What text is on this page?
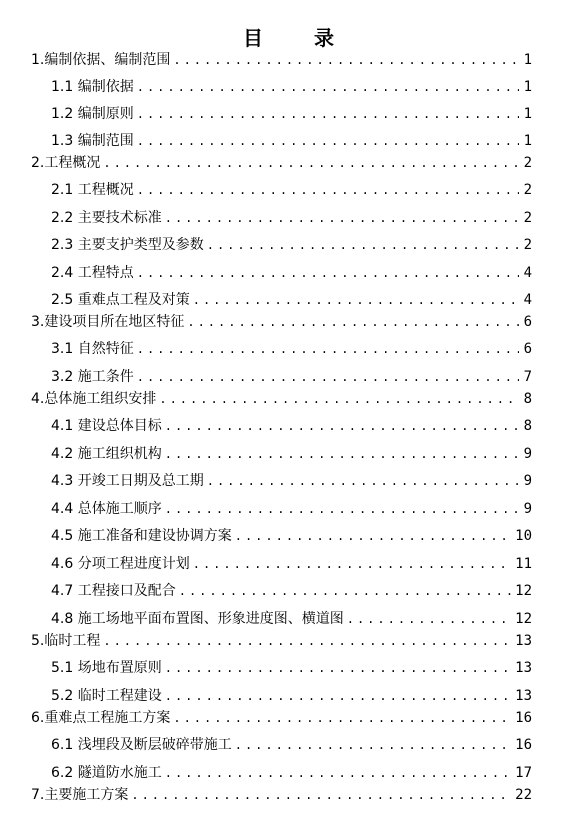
目 录
1.编制依据、编制范围 .....	1
1.1 编制依据 .....	1
1.2 编制原则 .....	1
1.3 编制范围 .....	1
2.工程概况 .....	2
2.1 工程概况 .....	2
2.2 主要技术标准 .....	2
2.3 主要支护类型及参数 .....	2
2.4 工程特点 .....	4
2.5 重难点工程及对策 .....	4
3.建设项目所在地区特征 .....	6
3.1 自然特征 .....	6
3.2 施工条件 .....	7
4.总体施工组织安排 .....	8
4.1 建设总体目标 .....	8
4.2 施工组织机构 .....	9
4.3 开竣工日期及总工期 .....	9
4.4 总体施工顺序 .....	9
4.5 施工准备和建设协调方案 .....	10
4.6 分项工程进度计划 .....	11
4.7 工程接口及配合 .....	12
4.8 施工场地平面布置图、形象进度图、横道图 .....	12
5.临时工程 .....	13
5.1 场地布置原则 .....	13
5.2 临时工程建设 .....	13
6.重难点工程施工方案 .....	16
6.1 浅埋段及断层破碎带施工 .....	16
6.2 隧道防水施工 .....	17
7.主要施工方案 .....	22
